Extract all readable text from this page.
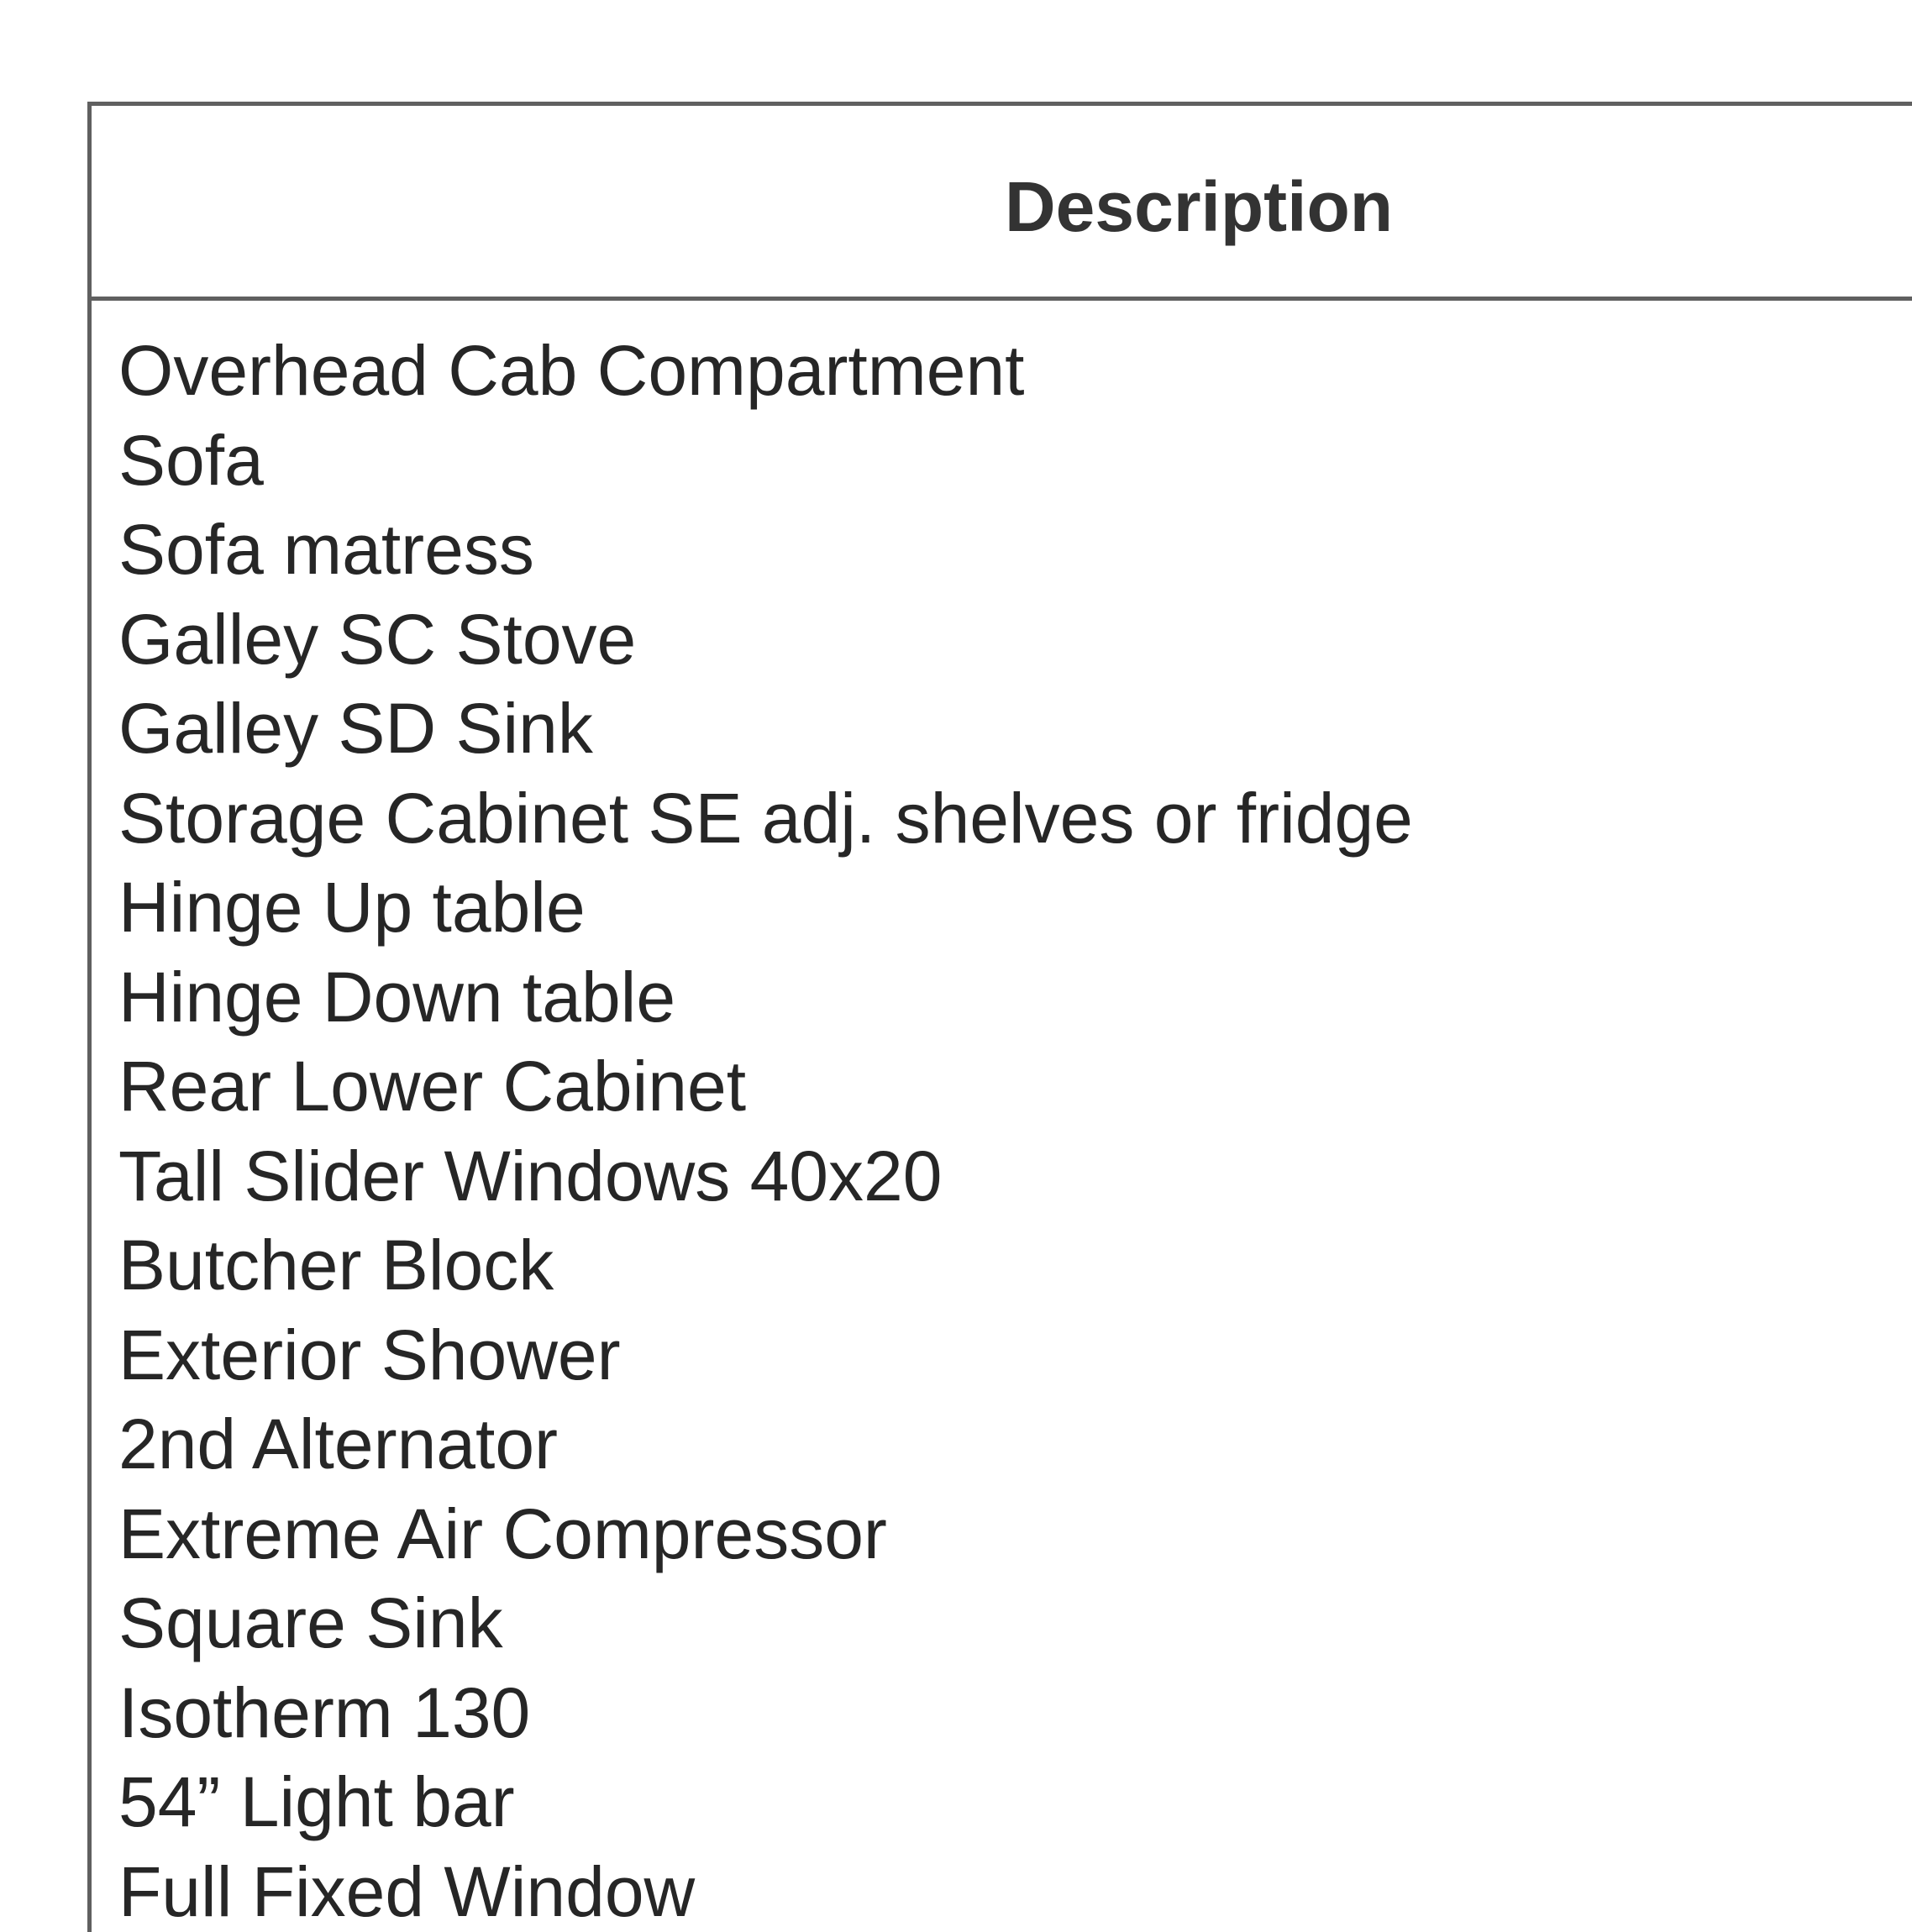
Description
Overhead Cab Compartment
Sofa
Sofa matress
Galley SC Stove
Galley SD Sink
Storage Cabinet SE adj. shelves or fridge
Hinge Up table
Hinge Down table
Rear Lower Cabinet
Tall Slider Windows 40x20
Butcher Block
Exterior Shower
2nd Alternator
Extreme Air Compressor
Square Sink
Isotherm 130
54” Light bar
Full Fixed Window
